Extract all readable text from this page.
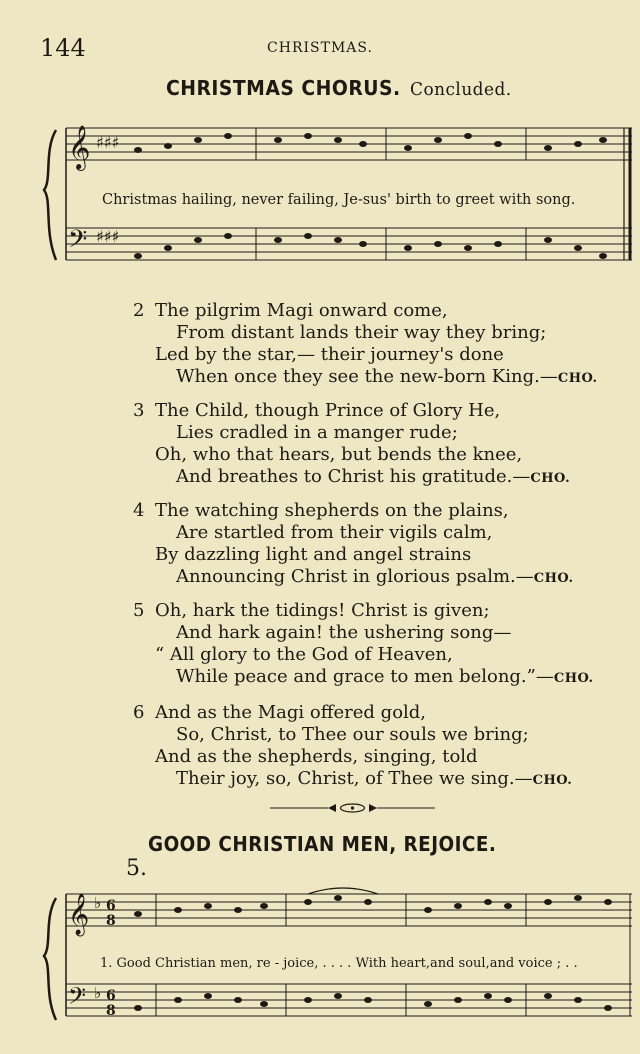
144	CHRISTMAS.
CHRISTMAS CHORUS. Concluded.
𝄞
𝄢
♯♯♯
♯♯♯
Christmas hailing, never failing, Je-sus' birth to greet with song.
2 The pilgrim Magi onward come,
From distant lands their way they bring;
Led by the star,— their journey's done
When once they see the new-born King.—CHO.
3 The Child, though Prince of Glory He,
Lies cradled in a manger rude;
Oh, who that hears, but bends the knee,
And breathes to Christ his gratitude.—CHO.
4 The watching shepherds on the plains,
Are startled from their vigils calm,
By dazzling light and angel strains
Announcing Christ in glorious psalm.—CHO.
5 Oh, hark the tidings! Christ is given;
And hark again! the ushering song—
“ All glory to the God of Heaven,
While peace and grace to men belong.”—CHO.
6 And as the Magi offered gold,
So, Christ, to Thee our souls we bring;
And as the shepherds, singing, told
Their joy, so, Christ, of Thee we sing.—CHO.
GOOD CHRISTIAN MEN, REJOICE.
5.
𝄞
𝄢
♭ 6
8
♭ 6
8
1. Good Christian men, re - joice, . . . . With heart,and soul,and voice ; . .
